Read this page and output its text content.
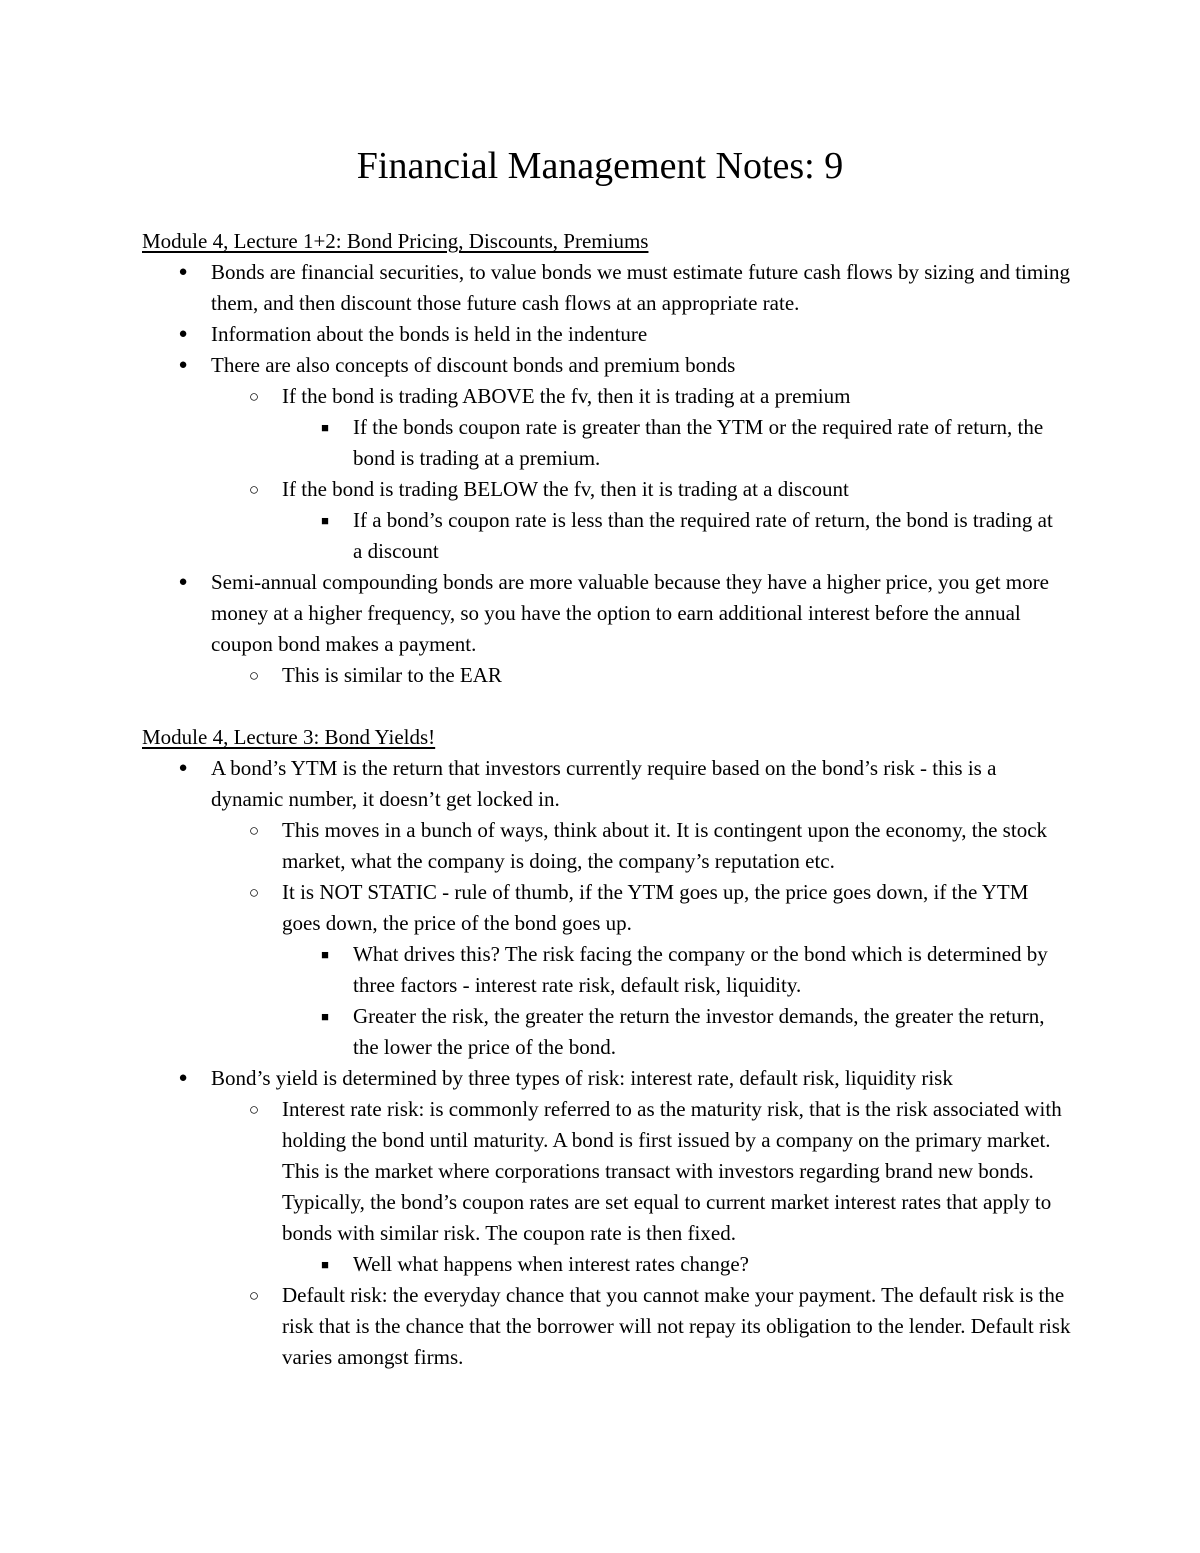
Financial Management Notes: 9

Module 4, Lecture 1+2: Bond Pricing, Discounts, Premiums

●	Bonds are financial securities, to value bonds we must estimate future cash flows by sizing and timing them, and then discount those future cash flows at an appropriate rate.
●	Information about the bonds is held in the indenture
●	There are also concepts of discount bonds and premium bonds
○	If the bond is trading ABOVE the fv, then it is trading at a premium
■	If the bonds coupon rate is greater than the YTM or the required rate of return, the bond is trading at a premium.
○	If the bond is trading BELOW the fv, then it is trading at a discount
■	If a bond’s coupon rate is less than the required rate of return, the bond is trading at a discount
●	Semi-annual compounding bonds are more valuable because they have a higher price, you get more money at a higher frequency, so you have the option to earn additional interest before the annual coupon bond makes a payment.
○	This is similar to the EAR

Module 4, Lecture 3: Bond Yields!

●	A bond’s YTM is the return that investors currently require based on the bond’s risk - this is a dynamic number, it doesn’t get locked in.
○	This moves in a bunch of ways, think about it. It is contingent upon the economy, the stock market, what the company is doing, the company’s reputation etc.
○	It is NOT STATIC - rule of thumb, if the YTM goes up, the price goes down, if the YTM goes down, the price of the bond goes up.
■	What drives this? The risk facing the company or the bond which is determined by three factors - interest rate risk, default risk, liquidity.
■	Greater the risk, the greater the return the investor demands, the greater the return, the lower the price of the bond.
●	Bond’s yield is determined by three types of risk: interest rate, default risk, liquidity risk
○	Interest rate risk: is commonly referred to as the maturity risk, that is the risk associated with holding the bond until maturity. A bond is first issued by a company on the primary market. This is the market where corporations transact with investors regarding brand new bonds. Typically, the bond’s coupon rates are set equal to current market interest rates that apply to bonds with similar risk. The coupon rate is then fixed.
■	Well what happens when interest rates change?
○	Default risk: the everyday chance that you cannot make your payment. The default risk is the risk that is the chance that the borrower will not repay its obligation to the lender. Default risk varies amongst firms.
